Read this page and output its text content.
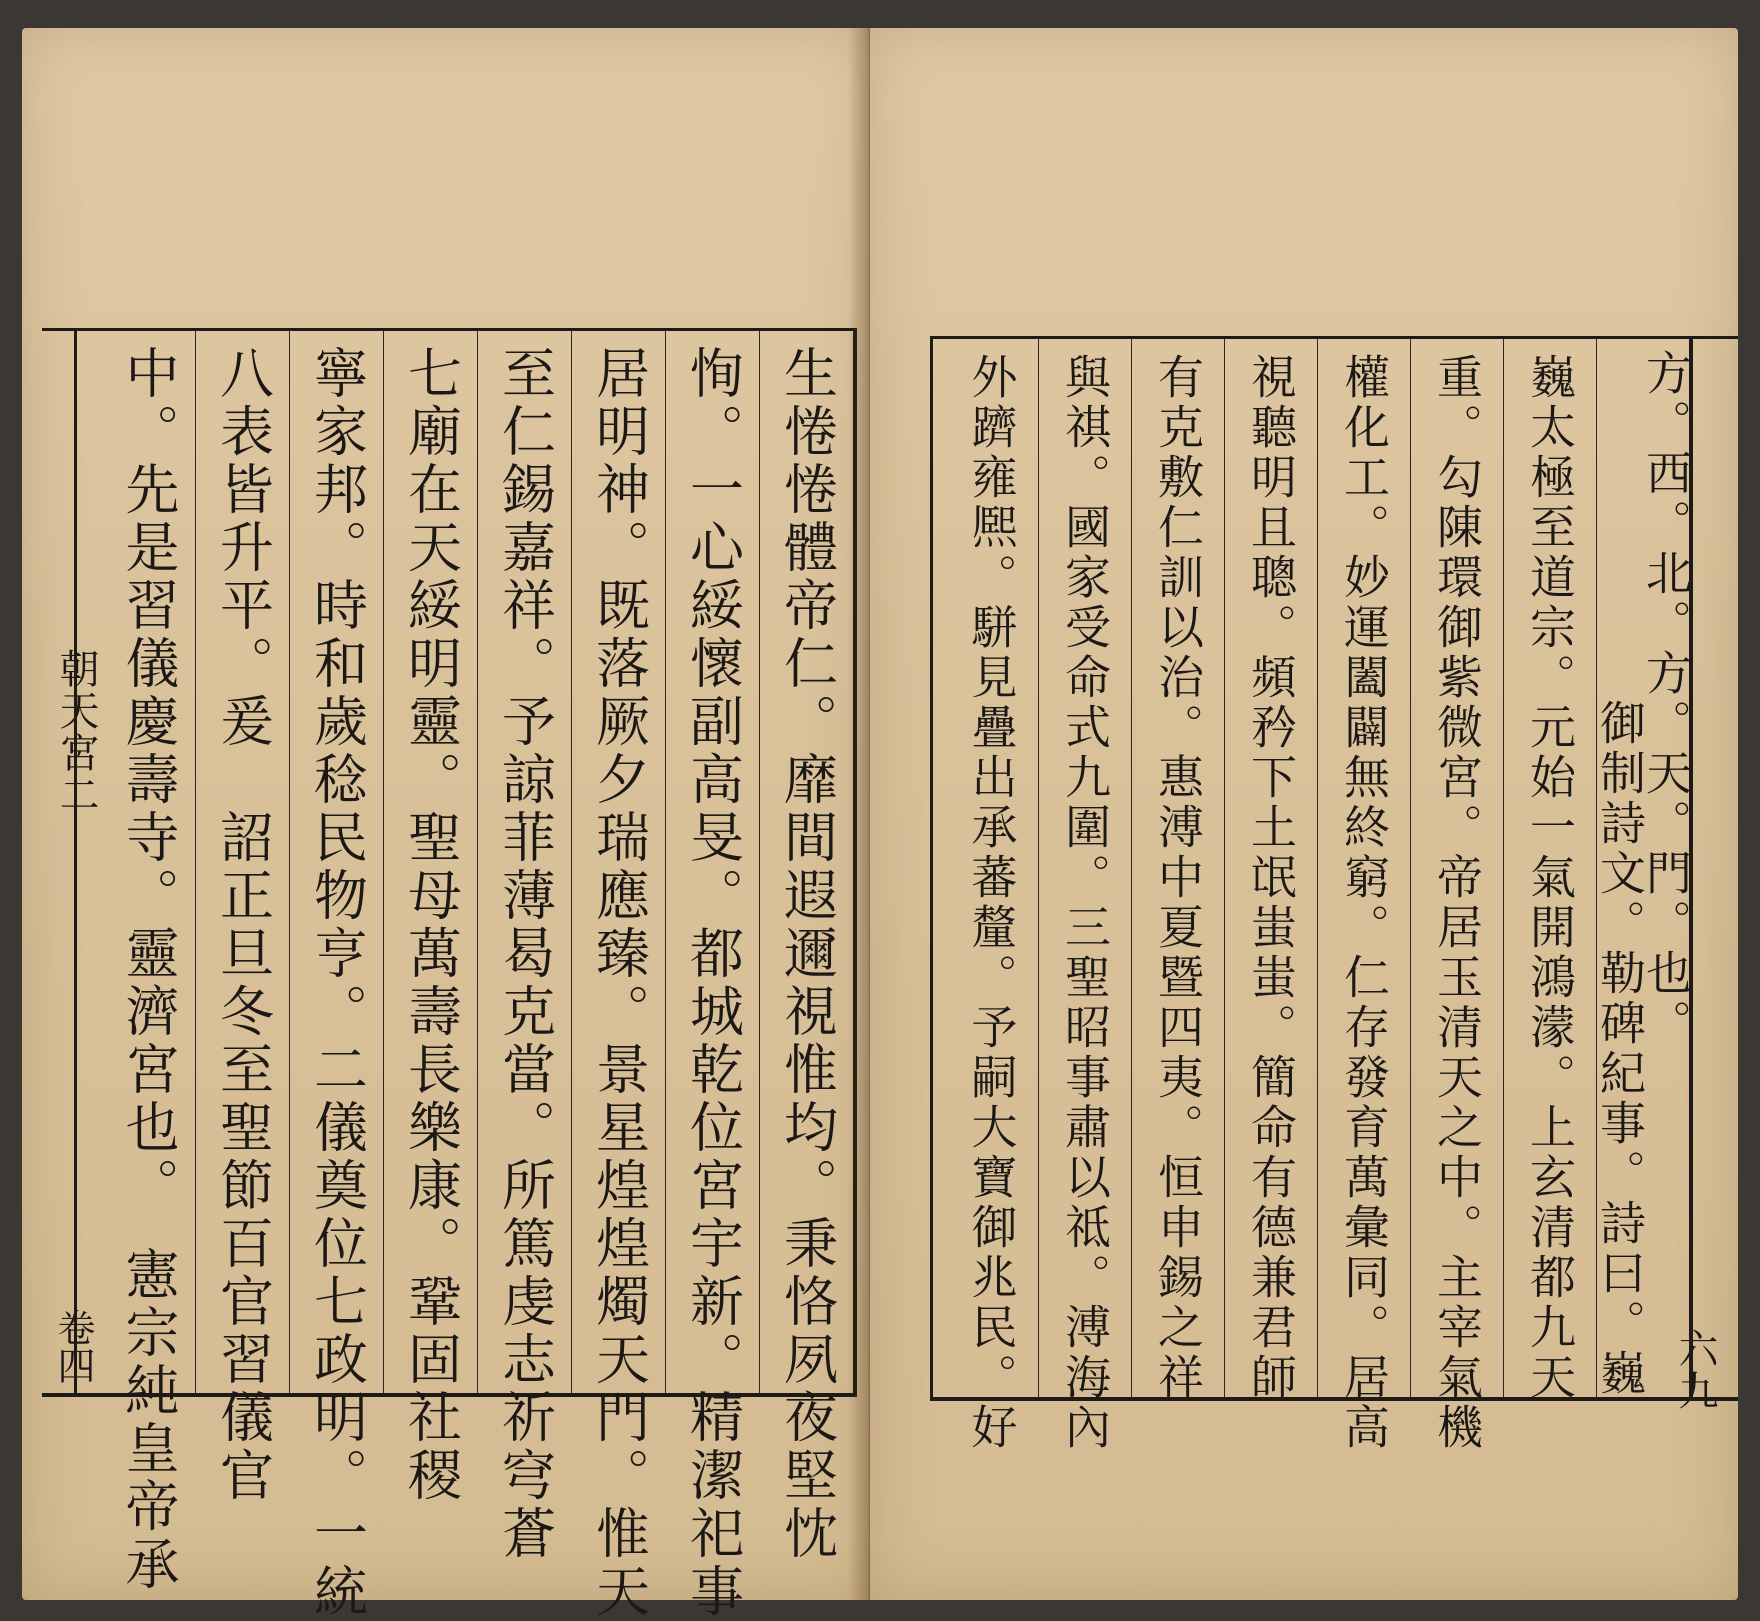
朝天宮二
卷四	生惓惓體帝仁。靡間遐邇視惟均。秉恪夙夜堅忱
恂。一心綏懷副高旻。都城乾位宮宇新。精潔祀事
居明神。既落厥夕瑞應臻。景星煌煌燭天門。惟天
至仁錫嘉祥。予諒菲薄曷克當。所篤虔志祈穹蒼
七廟在天綏明靈。聖母萬壽長樂康。鞏固社稷
寧家邦。時和歲稔民物亨。二儀奠位七政明。一統
八表皆升平。爰　詔正旦冬至聖節百官習儀官
中。先是習儀慶壽寺。靈濟宮也。　憲宗純皇帝承	六九
方。西。北。方。天。門。也。
御制詩文。勒碑紀事。詩曰。巍
巍太極至道宗。元始一氣開鴻濛。上玄清都九天
重。勾陳環御紫微宮。帝居玉清天之中。主宰氣機
權化工。妙運闔闢無終窮。仁存發育萬彙同。居高
視聽明且聰。頻矜下土氓蚩蚩。簡命有德兼君師
有克敷仁訓以治。惠溥中夏暨四夷。恒申錫之祥
與祺。國家受命式九圍。三聖昭事肅以祗。溥海內
外躋雍熈。駢見疊出承蕃釐。予嗣大寶御兆民。好
